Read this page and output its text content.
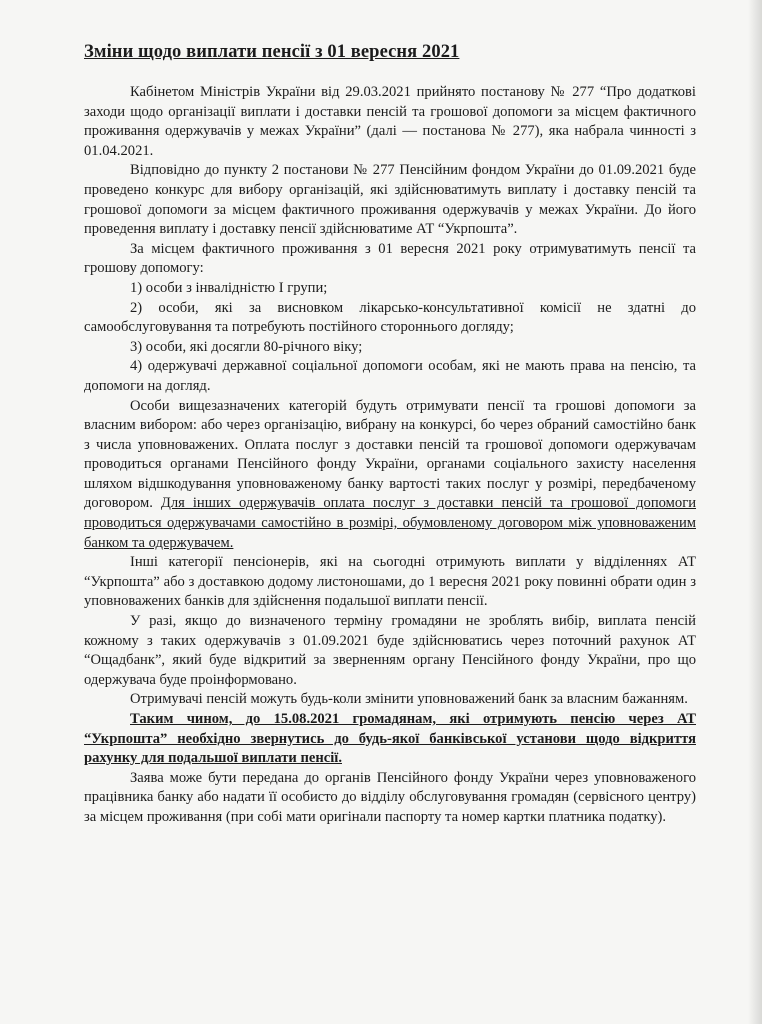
Зміни щодо виплати пенсії з 01 вересня 2021

Кабінетом Міністрів України від 29.03.2021 прийнято постанову № 277 “Про додаткові заходи щодо організації виплати і доставки пенсій та грошової допомоги за місцем фактичного проживання одержувачів у межах України” (далі — постанова № 277), яка набрала чинності з 01.04.2021.

Відповідно до пункту 2 постанови № 277 Пенсійним фондом України до 01.09.2021 буде проведено конкурс для вибору організацій, які здійснюватимуть виплату і доставку пенсій та грошової допомоги за місцем фактичного проживання одержувачів у межах України. До його проведення виплату і доставку пенсії здійснюватиме АТ “Укрпошта”.

За місцем фактичного проживання з 01 вересня 2021 року отримуватимуть пенсії та грошову допомогу:

1) особи з інвалідністю I групи;

2) особи, які за висновком лікарсько-консультативної комісії не здатні до самообслуговування та потребують постійного стороннього догляду;

3) особи, які досягли 80-річного віку;

4) одержувачі державної соціальної допомоги особам, які не мають права на пенсію, та допомоги на догляд.

Особи вищезазначених категорій будуть отримувати пенсії та грошові допомоги за власним вибором: або через організацію, вибрану на конкурсі, бо через обраний самостійно банк з числа уповноважених. Оплата послуг з доставки пенсій та грошової допомоги одержувачам проводиться органами Пенсійного фонду України, органами соціального захисту населення шляхом відшкодування уповноваженому банку вартості таких послуг у розмірі, передбаченому договором. Для інших одержувачів оплата послуг з доставки пенсій та грошової допомоги проводиться одержувачами самостійно в розмірі, обумовленому договором між уповноваженим банком та одержувачем.

Інші категорії пенсіонерів, які на сьогодні отримують виплати у відділеннях АТ “Укрпошта” або з доставкою додому листоношами, до 1 вересня 2021 року повинні обрати один з уповноважених банків для здійснення подальшої виплати пенсії.

У разі, якщо до визначеного терміну громадяни не зроблять вибір, виплата пенсій кожному з таких одержувачів з 01.09.2021 буде здійснюватись через поточний рахунок АТ “Ощадбанк”, який буде відкритий за зверненням органу Пенсійного фонду України, про що одержувача буде проінформовано.

Отримувачі пенсій можуть будь-коли змінити уповноважений банк за власним бажанням.

Таким чином, до 15.08.2021 громадянам, які отримують пенсію через АТ “Укрпошта” необхідно звернутись до будь-якої банківської установи щодо відкриття рахунку для подальшої виплати пенсії.

Заява може бути передана до органів Пенсійного фонду України через уповноваженого працівника банку або надати її особисто до відділу обслуговування громадян (сервісного центру) за місцем проживання (при собі мати оригінали паспорту та номер картки платника податку).
